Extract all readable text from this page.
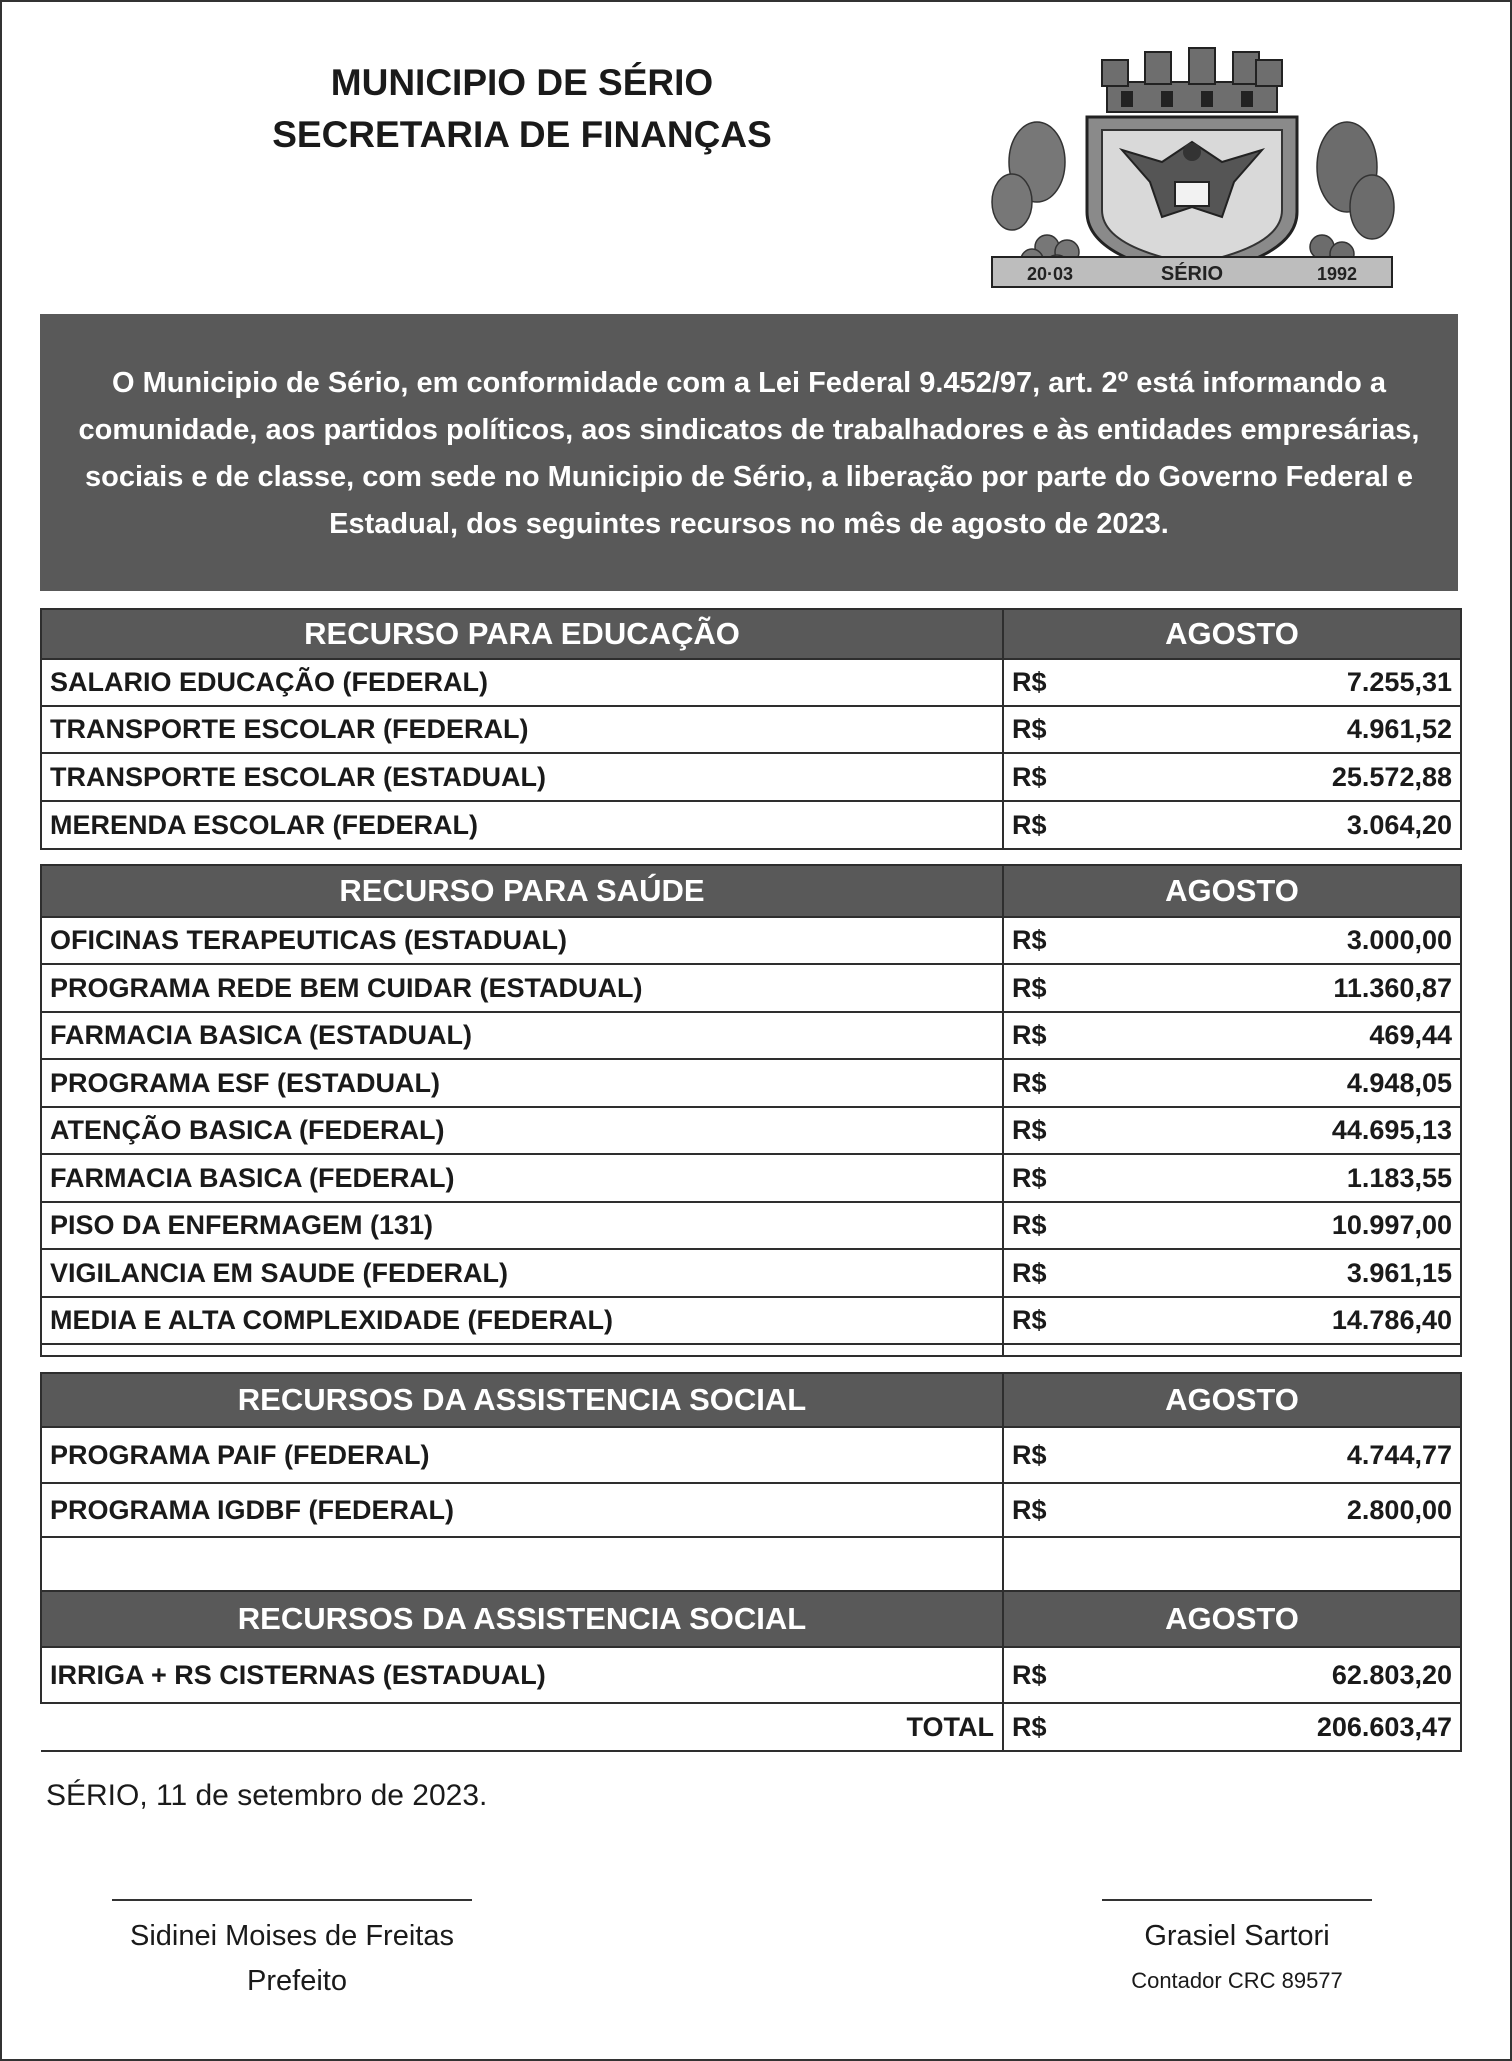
MUNICIPIO DE SÉRIO
SECRETARIA DE FINANÇAS
20·03	SÉRIO	1992
O Municipio de Sério, em conformidade com a Lei Federal 9.452/97, art. 2º está informando a comunidade, aos partidos políticos, aos sindicatos de trabalhadores e às entidades empresárias, sociais e de classe, com sede no Municipio de Sério, a liberação por parte do Governo Federal e Estadual, dos seguintes recursos no mês de agosto de 2023.
RECURSO PARA EDUCAÇÃO	AGOSTO	
SALARIO EDUCAÇÃO (FEDERAL)	R$	7.255,31
TRANSPORTE ESCOLAR (FEDERAL)	R$	4.961,52
TRANSPORTE ESCOLAR (ESTADUAL)	R$	25.572,88
MERENDA ESCOLAR (FEDERAL)	R$	3.064,20
RECURSO PARA SAÚDE	AGOSTO	
OFICINAS TERAPEUTICAS (ESTADUAL)	R$	3.000,00
PROGRAMA REDE BEM CUIDAR (ESTADUAL)	R$	11.360,87
FARMACIA BASICA (ESTADUAL)	R$	469,44
PROGRAMA ESF (ESTADUAL)	R$	4.948,05
ATENÇÃO BASICA (FEDERAL)	R$	44.695,13
FARMACIA BASICA (FEDERAL)	R$	1.183,55
PISO DA ENFERMAGEM (131)	R$	10.997,00
VIGILANCIA EM SAUDE (FEDERAL)	R$	3.961,15
MEDIA E ALTA COMPLEXIDADE (FEDERAL)	R$	14.786,40

RECURSOS DA ASSISTENCIA SOCIAL	AGOSTO	
PROGRAMA PAIF (FEDERAL)	R$	4.744,77
PROGRAMA IGDBF (FEDERAL)	R$	2.800,00

RECURSOS DA ASSISTENCIA SOCIAL	AGOSTO	
IRRIGA + RS CISTERNAS (ESTADUAL)	R$	62.803,20
TOTAL	R$	206.603,47
SÉRIO, 11 de setembro de 2023.
Sidinei Moises de Freitas
Prefeito
Grasiel Sartori
Contador CRC 89577
